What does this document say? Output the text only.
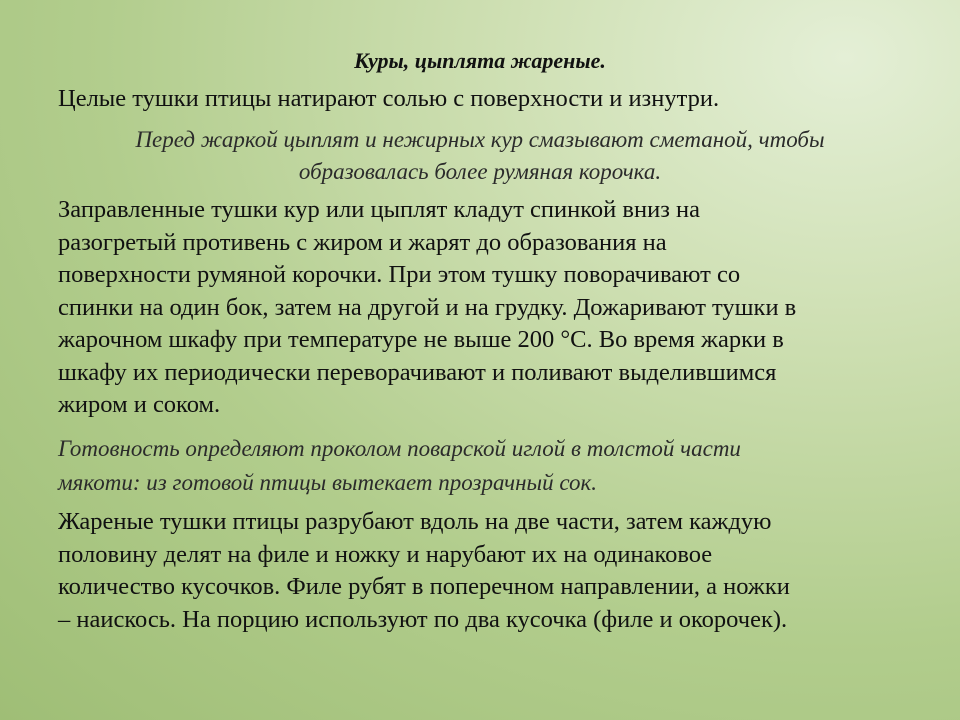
Куры, цыплята жареные.

Целые тушки птицы натирают солью с поверхности и изнутри.

Перед жаркой цыплят и нежирных кур смазывают сметаной, чтобы
образовалась более румяная корочка.

Заправленные тушки кур или цыплят кладут спинкой вниз на
разогретый противень с жиром и жарят до образования на
поверхности румяной корочки. При этом тушку поворачивают со
спинки на один бок, затем на другой и на грудку. Дожаривают тушки в
жарочном шкафу при температуре не выше 200 °С. Во время жарки в
шкафу их периодически переворачивают и поливают выделившимся
жиром и соком.

Готовность определяют проколом поварской иглой в толстой части
мякоти: из готовой птицы вытекает прозрачный сок.

Жареные тушки птицы разрубают вдоль на две части, затем каждую
половину делят на филе и ножку и нарубают их на одинаковое
количество кусочков. Филе рубят в поперечном направлении, а ножки
– наискось. На порцию используют по два кусочка (филе и окорочек).
